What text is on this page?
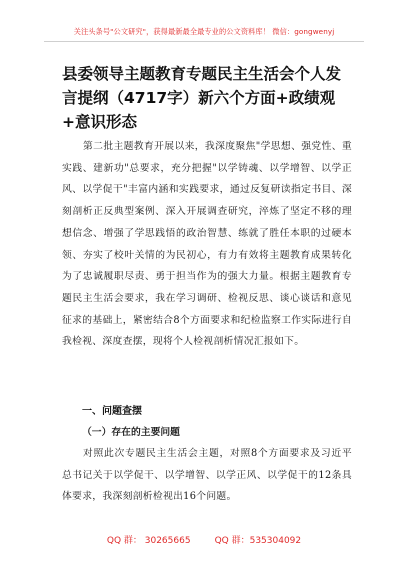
关注头条号"公文研究"，获得最新最全最专业的公文资料库！ 微信：gongwenyj
县委领导主题教育专题民主生活会个人发言提纲（4717字）新六个方面+政绩观+意识形态

第二批主题教育开展以来，我深度聚焦"学思想、强党性、重实践、建新功"总要求，充分把握"以学铸魂、以学增智、以学正风、以学促干"丰富内涵和实践要求，通过反复研读指定书目、深刻剖析正反典型案例、深入开展调查研究，淬炼了坚定不移的理想信念、增强了学思践悟的政治智慧、练就了胜任本职的过硬本领、夯实了校叶关情的为民初心，有力有效将主题教育成果转化为了忠诚履职尽责、勇于担当作为的强大力量。根据主题教育专题民主生活会要求，我在学习调研、检视反思、谈心谈话和意见征求的基础上，紧密结合8个方面要求和纪检监察工作实际进行自我检视、深度查摆，现将个人检视剖析情况汇报如下。

一、问题查摆
（一）存在的主要问题

对照此次专题民主生活会主题，对照8个方面要求及习近平总书记关于以学促干、以学增智、以学正风、以学促干的12条具体要求，我深刻剖析检视出16个问题。

QQ 群： 30265665	QQ 群：535304092
